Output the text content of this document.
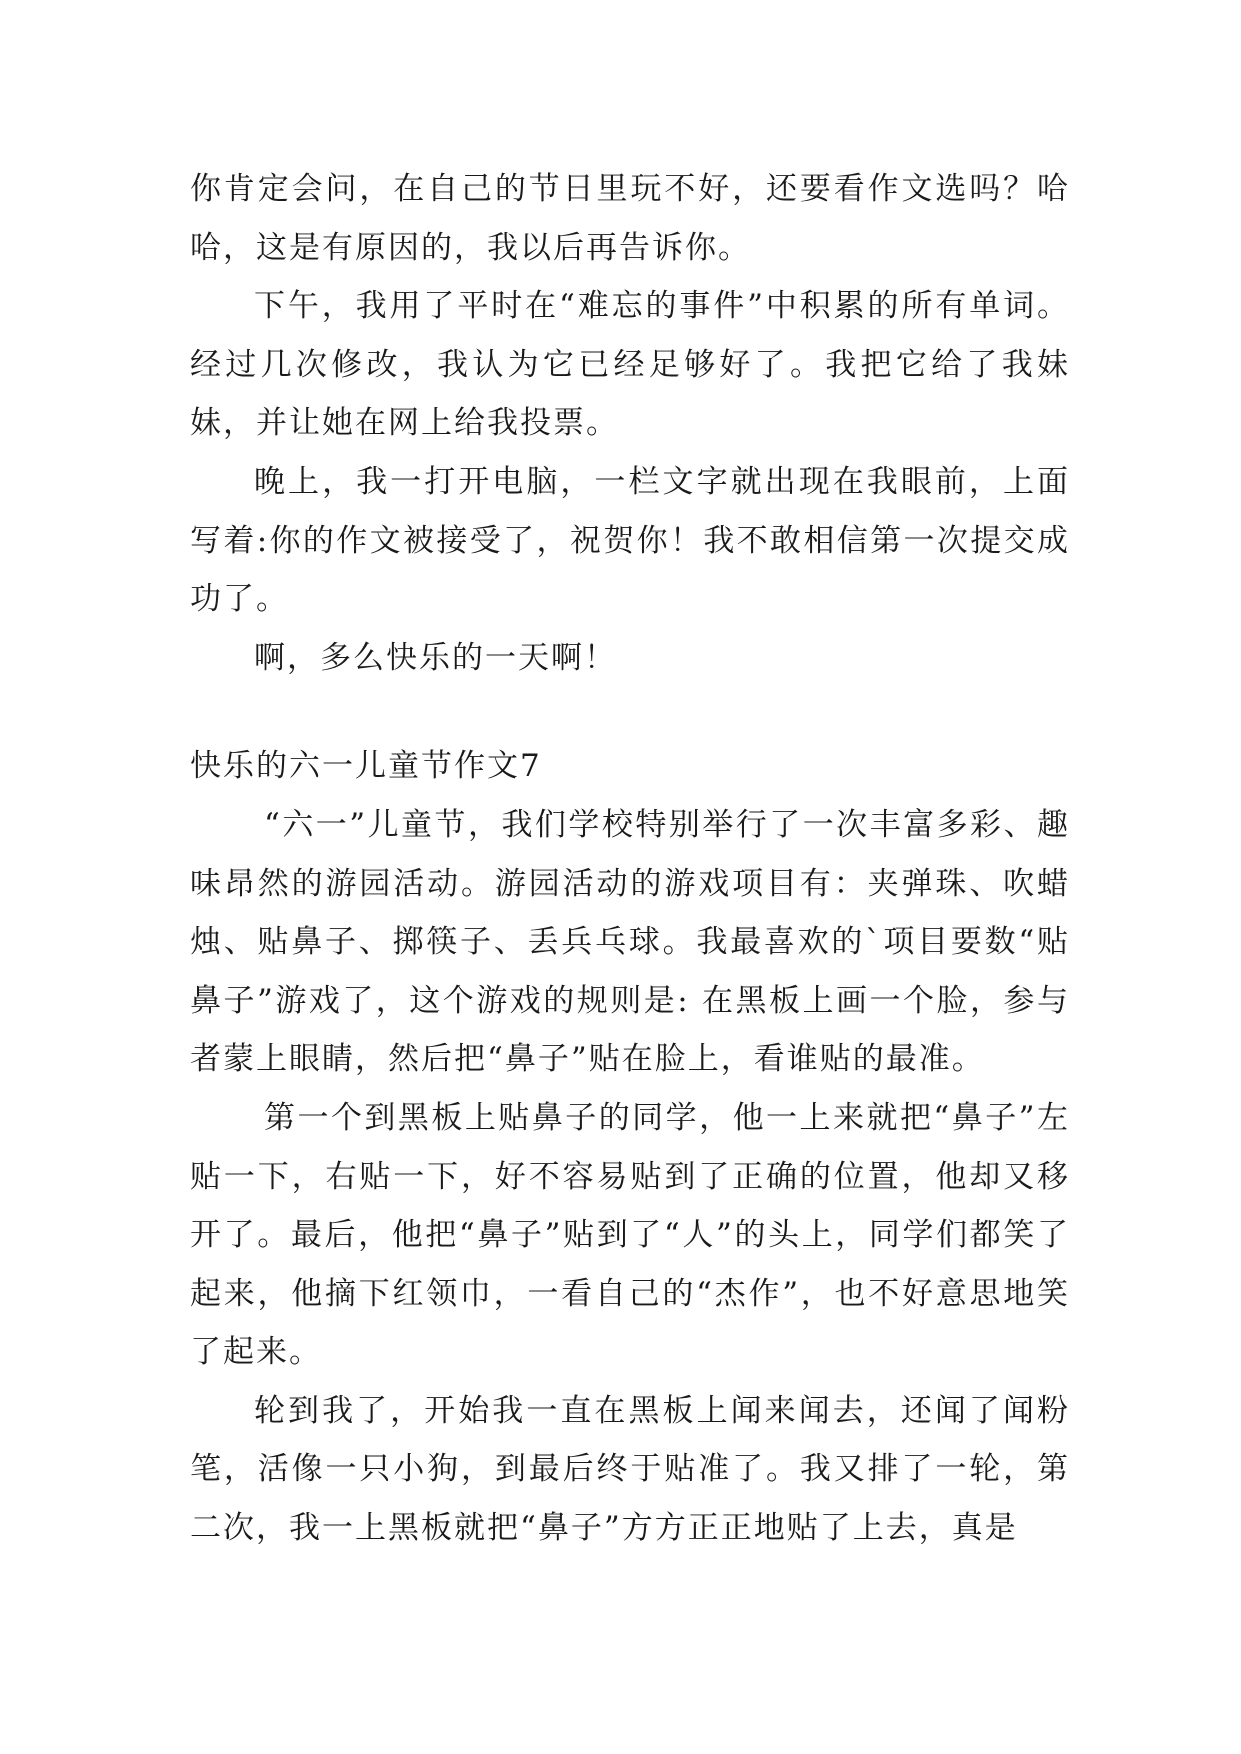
你肯定会问，在自己的节日里玩不好，还要看作文选吗？哈哈，这是有原因的，我以后再告诉你。

下午，我用了平时在“难忘的事件”中积累的所有单词。经过几次修改，我认为它已经足够好了。我把它给了我妹妹，并让她在网上给我投票。

晚上，我一打开电脑，一栏文字就出现在我眼前，上面写着:你的作文被接受了，祝贺你！我不敢相信第一次提交成功了。

啊，多么快乐的一天啊！

快乐的六一儿童节作文7

“六一”儿童节，我们学校特别举行了一次丰富多彩、趣味昂然的游园活动。游园活动的游戏项目有：夹弹珠、吹蜡烛、贴鼻子、掷筷子、丢兵乓球。我最喜欢的`项目要数“贴鼻子”游戏了，这个游戏的规则是: 在黑板上画一个脸，参与者蒙上眼睛，然后把“鼻子”贴在脸上，看谁贴的最准。

第一个到黑板上贴鼻子的同学，他一上来就把“鼻子”左贴一下，右贴一下，好不容易贴到了正确的位置，他却又移开了。最后，他把“鼻子”贴到了“人”的头上，同学们都笑了起来，他摘下红领巾，一看自己的“杰作”，也不好意思地笑了起来。

轮到我了，开始我一直在黑板上闻来闻去，还闻了闻粉笔，活像一只小狗，到最后终于贴准了。我又排了一轮，第二次，我一上黑板就把“鼻子”方方正正地贴了上去，真是
